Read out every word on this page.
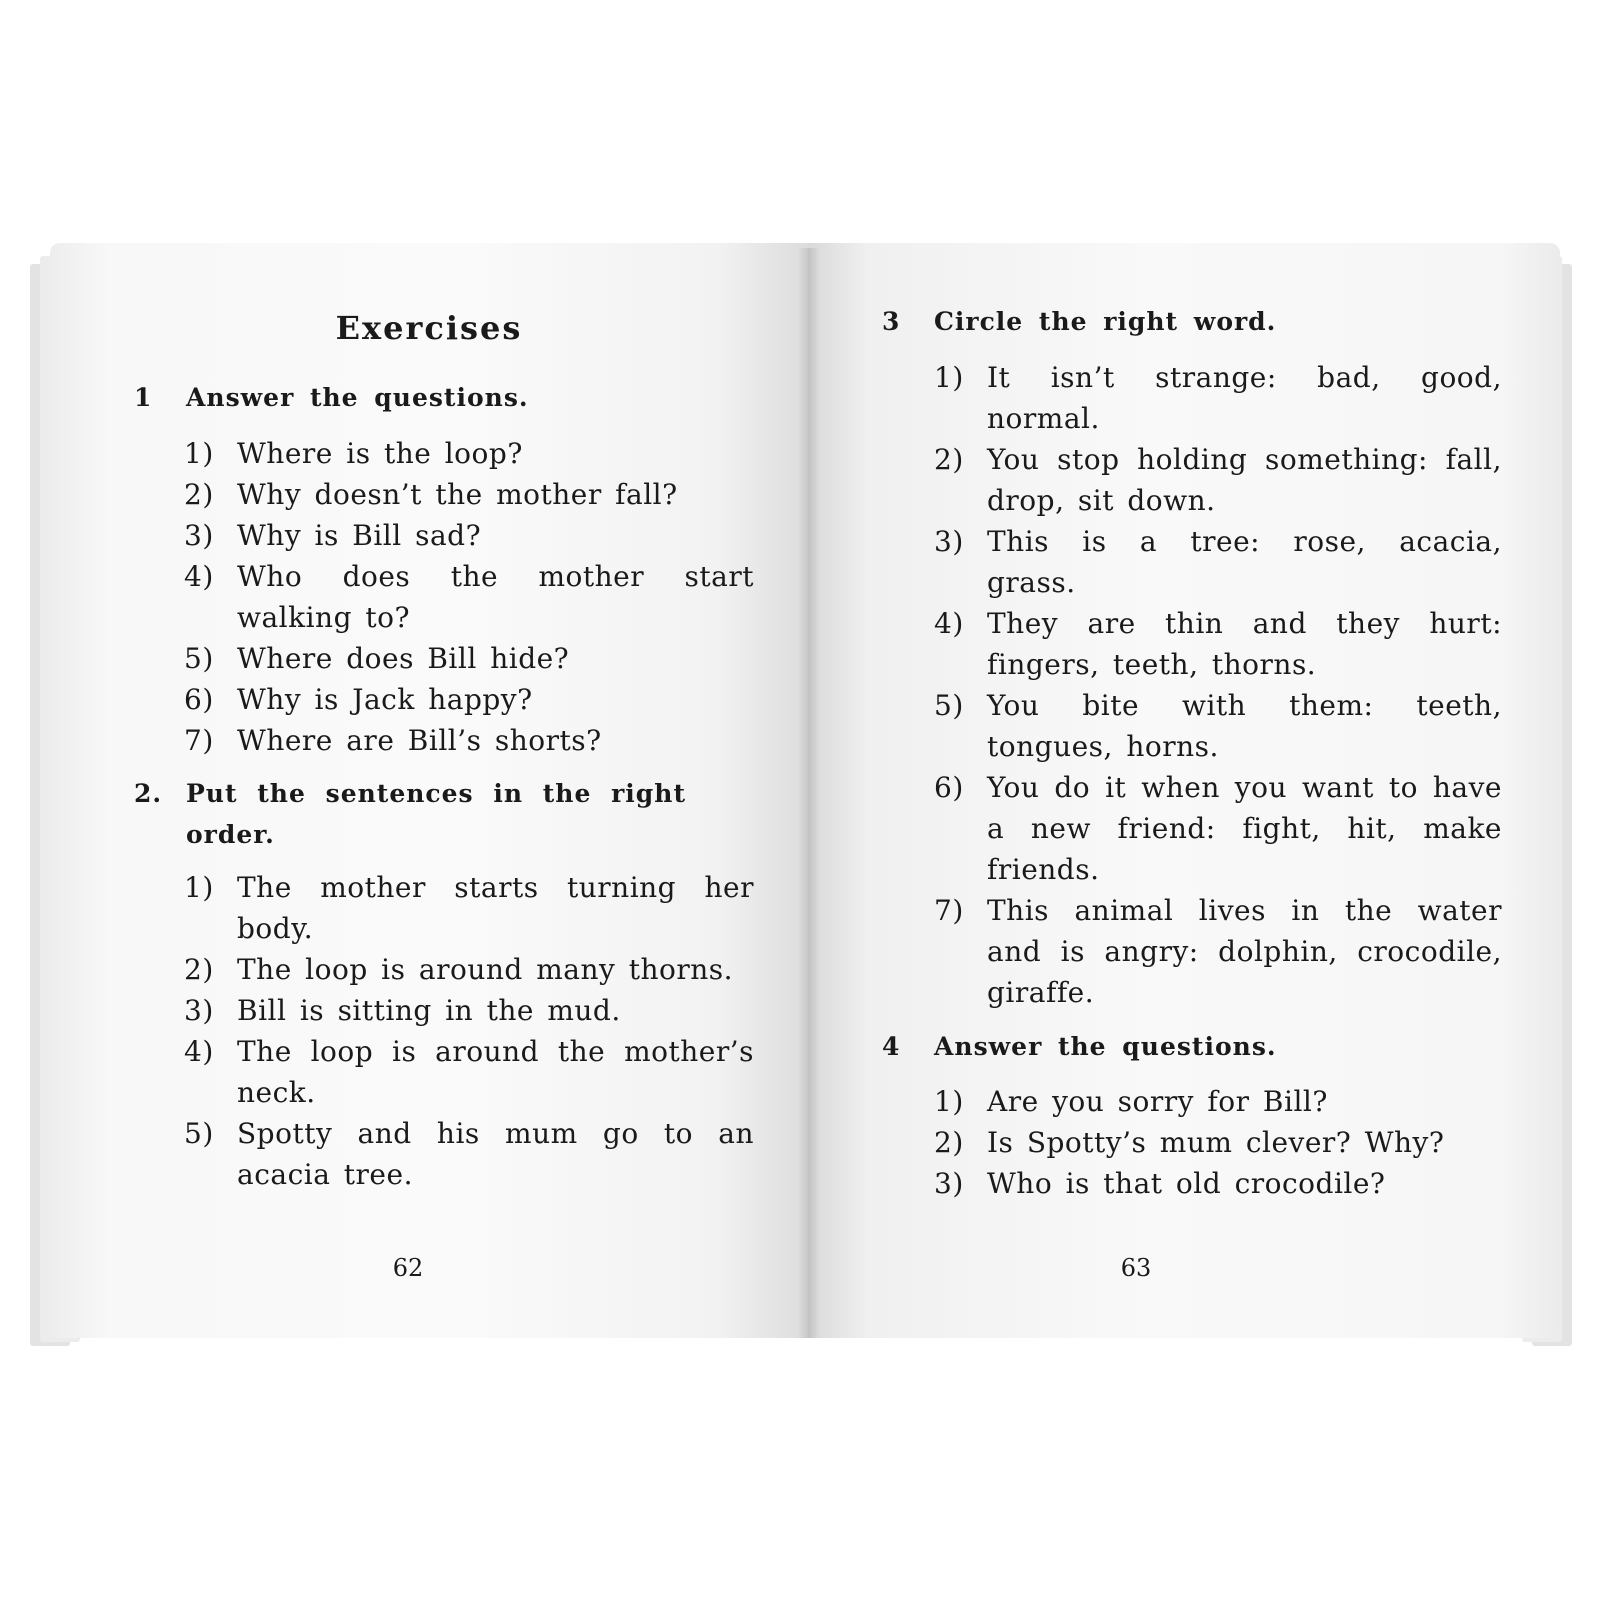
Exercises
1 Answer the questions.
1) Where is the loop?
2) Why doesn’t the mother fall?
3) Why is Bill sad?
4) Who does the mother start walking to?
5) Where does Bill hide?
6) Why is Jack happy?
7) Where are Bill’s shorts?
2. Put the sentences in the right order.
1) The mother starts turning her body.
2) The loop is around many thorns.
3) Bill is sitting in the mud.
4) The loop is around the mother’s neck.
5) Spotty and his mum go to an acacia tree.
62
3 Circle the right word.
1) It isn’t strange: bad, good, normal.
2) You stop holding something: fall, drop, sit down.
3) This is a tree: rose, acacia, grass.
4) They are thin and they hurt: fingers, teeth, thorns.
5) You bite with them: teeth, tongues, horns.
6) You do it when you want to have a new friend: fight, hit, make friends.
7) This animal lives in the water and is angry: dolphin, crocodile, giraffe.
4 Answer the questions.
1) Are you sorry for Bill?
2) Is Spotty’s mum clever? Why?
3) Who is that old crocodile?
63
